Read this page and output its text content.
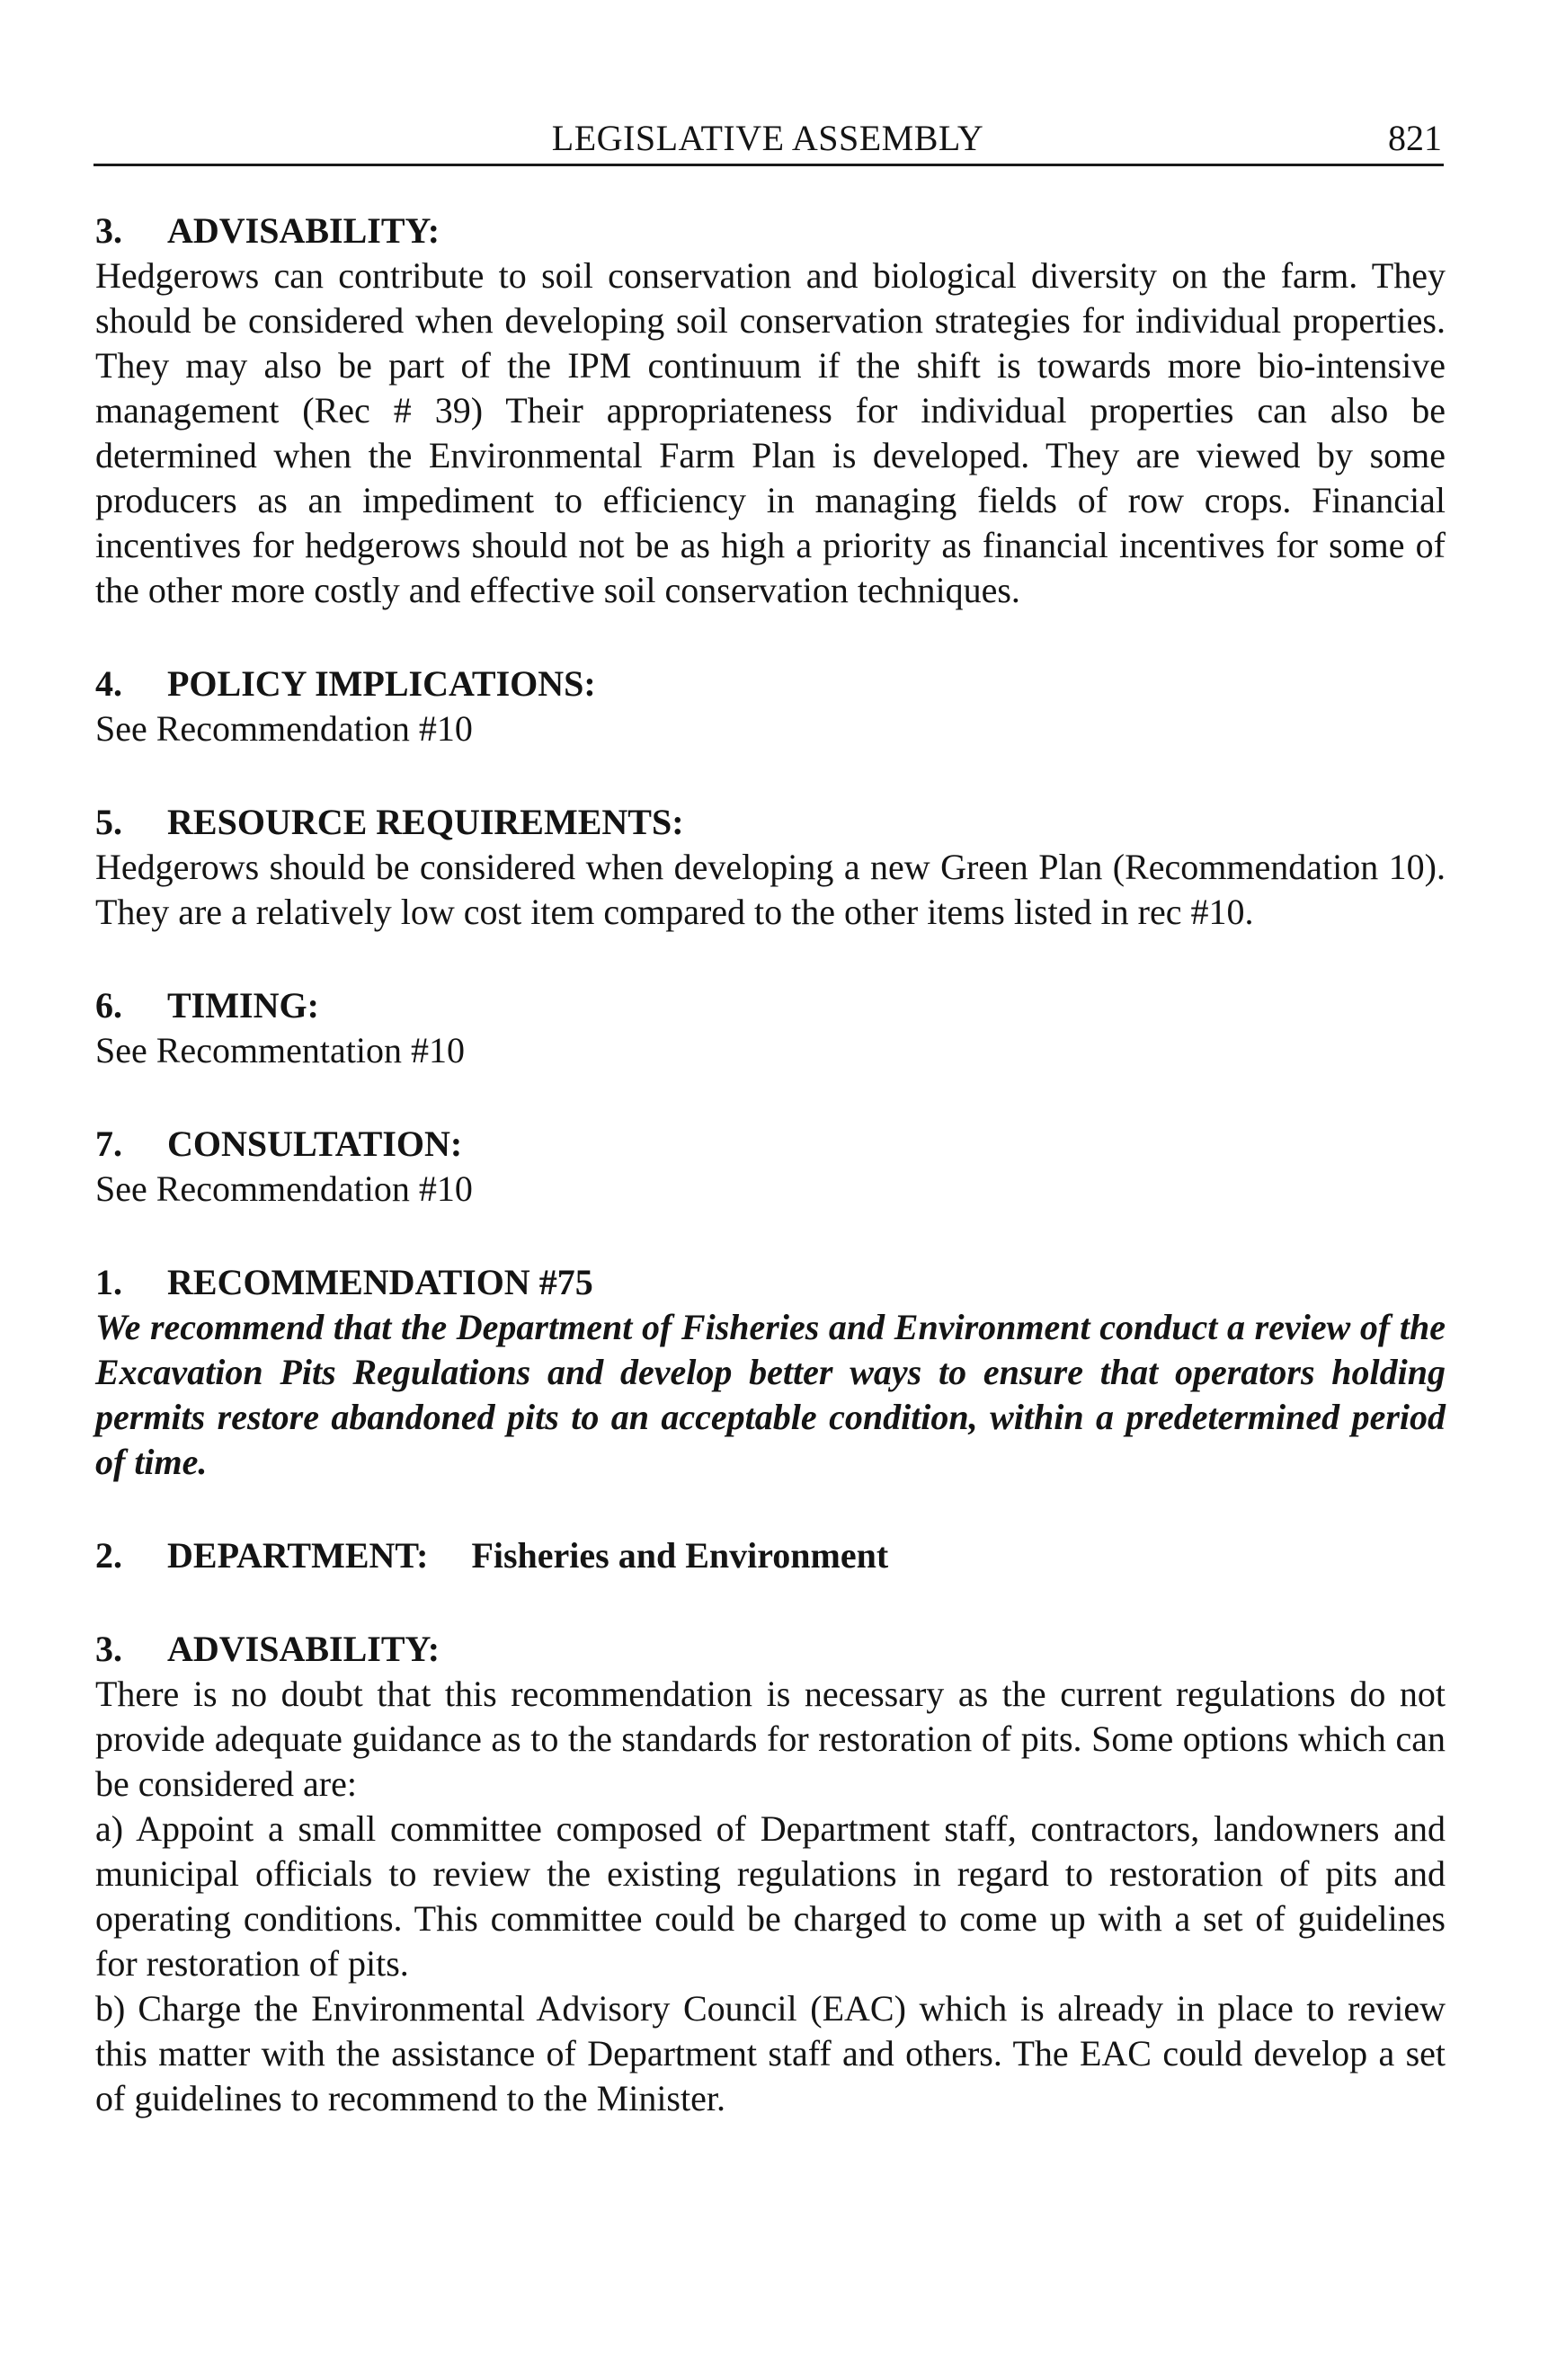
LEGISLATIVE ASSEMBLY	821

3. ADVISABILITY:

Hedgerows can contribute to soil conservation and biological diversity on the farm. They should be considered when developing soil conservation strategies for individual properties. They may also be part of the IPM continuum if the shift is towards more bio-intensive management (Rec # 39) Their appropriateness for individual properties can also be determined when the Environmental Farm Plan is developed. They are viewed by some producers as an impediment to efficiency in managing fields of row crops. Financial incentives for hedgerows should not be as high a priority as financial incentives for some of the other more costly and effective soil conservation techniques.

4. POLICY IMPLICATIONS:

See Recommendation #10

5. RESOURCE REQUIREMENTS:

Hedgerows should be considered when developing a new Green Plan (Recommendation 10). They are a relatively low cost item compared to the other items listed in rec #10.

6. TIMING:

See Recommentation #10

7. CONSULTATION:

See Recommendation #10

1. RECOMMENDATION #75

We recommend that the Department of Fisheries and Environment conduct a review of the Excavation Pits Regulations and develop better ways to ensure that operators holding permits restore abandoned pits to an acceptable condition, within a predetermined period of time.

2. DEPARTMENT: Fisheries and Environment

3. ADVISABILITY:

There is no doubt that this recommendation is necessary as the current regulations do not provide adequate guidance as to the standards for restoration of pits. Some options which can be considered are:

a) Appoint a small committee composed of Department staff, contractors, landowners and municipal officials to review the existing regulations in regard to restoration of pits and operating conditions. This committee could be charged to come up with a set of guidelines for restoration of pits.

b) Charge the Environmental Advisory Council (EAC) which is already in place to review this matter with the assistance of Department staff and others. The EAC could develop a set of guidelines to recommend to the Minister.
